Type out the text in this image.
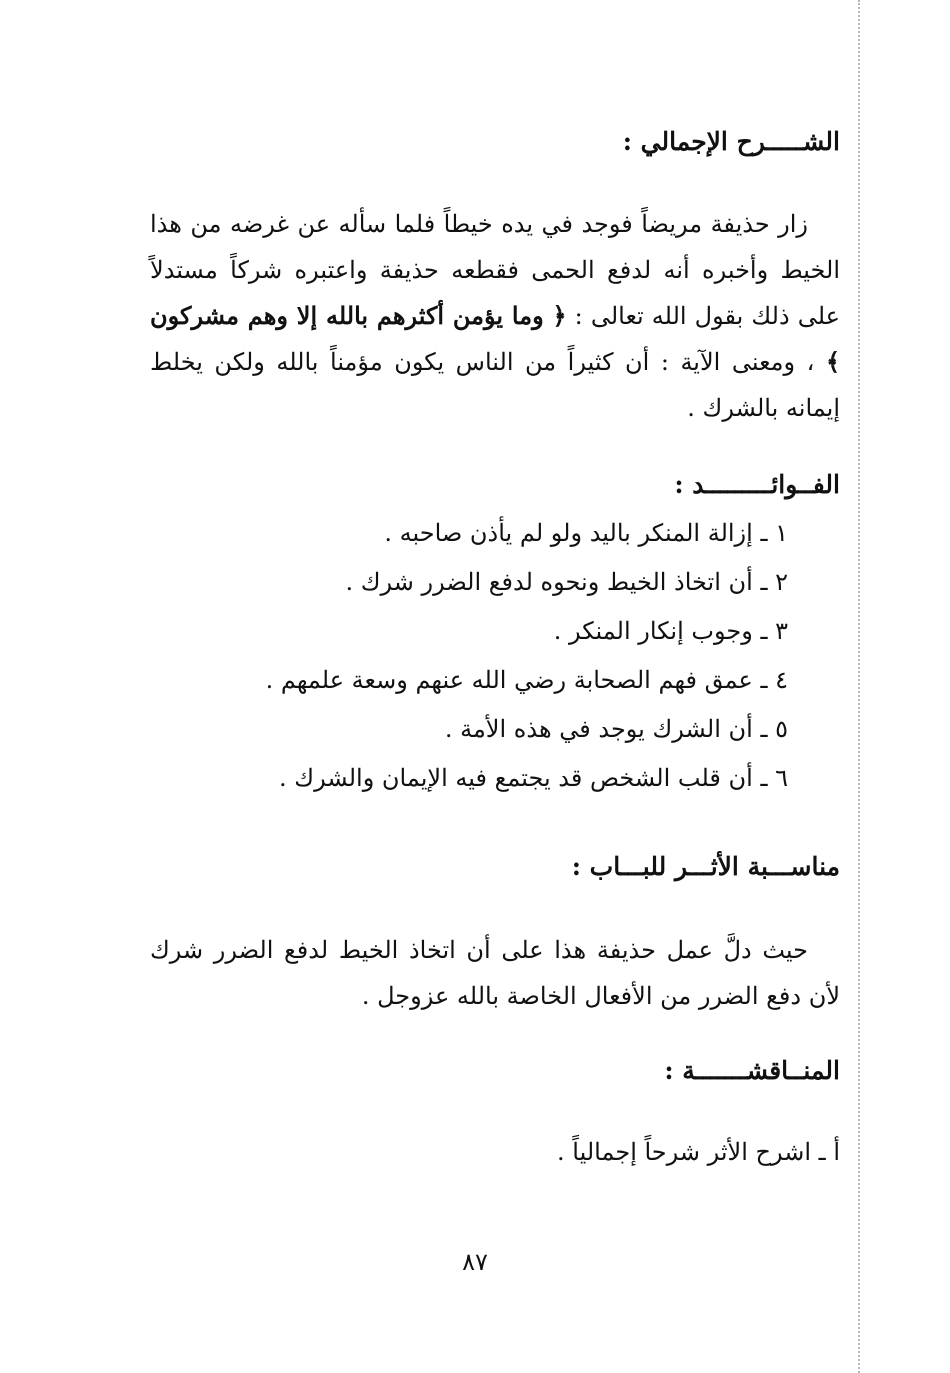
الشـــــرح الإجمالي :

زار حذيفة مريضاً فوجد في يده خيطاً فلما سأله عن غرضه من هذا الخيط وأخبره أنه لدفع الحمى فقطعه حذيفة واعتبره شركاً مستدلاً على ذلك بقول الله تعالى : ﴿ وما يؤمن أكثرهم بالله إلا وهم مشركون ﴾ ، ومعنى الآية : أن كثيراً من الناس يكون مؤمناً بالله ولكن يخلط إيمانه بالشرك .

الفــوائـــــــــد :
١ ـ إزالة المنكر باليد ولو لم يأذن صاحبه .
٢ ـ أن اتخاذ الخيط ونحوه لدفع الضرر شرك .
٣ ـ وجوب إنكار المنكر .
٤ ـ عمق فهم الصحابة رضي الله عنهم وسعة علمهم .
٥ ـ أن الشرك يوجد في هذه الأمة .
٦ ـ أن قلب الشخص قد يجتمع فيه الإيمان والشرك .
مناســـبة الأثـــر للبـــاب :

حيث دلَّ عمل حذيفة هذا على أن اتخاذ الخيط لدفع الضرر شرك لأن دفع الضرر من الأفعال الخاصة بالله عزوجل .

المنــاقشـــــــة :
أ ـ اشرح الأثر شرحاً إجمالياً .
٨٧
